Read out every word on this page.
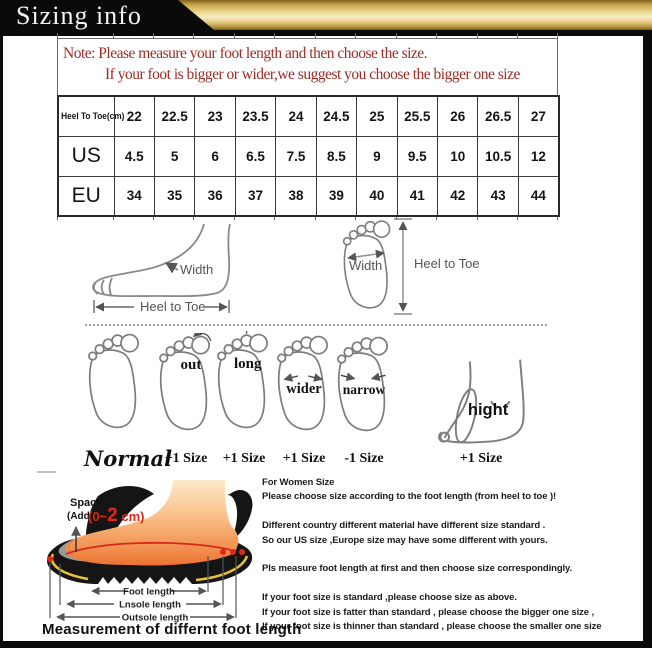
Sizing info
Note: Please measure your foot length and then choose the size.
If your foot is bigger or wider,we suggest you choose the bigger one size
Heel To Toe(cm)	22	22.5	23	23.5	24	24.5	25	25.5	26	26.5	27
US	4.5	5	6	6.5	7.5	8.5	9	9.5	10	10.5	12
EU	34	35	36	37	38	39	40	41	42	43	44
Width
Heel to Toe
Width Heel to Toe
Normal
out
+1 Size
long
+1 Size
wider
+1 Size
narrow
-1 Size
hight
+1 Size
Space
(Add
(0~2 cm)
Foot length
Lnsole length
Outsole length
For Women Size
Please choose size according to the foot length (from heel to toe )!
Different country different material have different size standard .
So our US size ,Europe size may have some different with yours.
Pls measure foot length at first and then choose size correspondingly.
If your foot size is standard ,please choose size as above.
If your foot size is fatter than standard , please choose the bigger one size ,
If your foot size is thinner than standard , please choose the smaller one size
Measurement of differnt foot length
